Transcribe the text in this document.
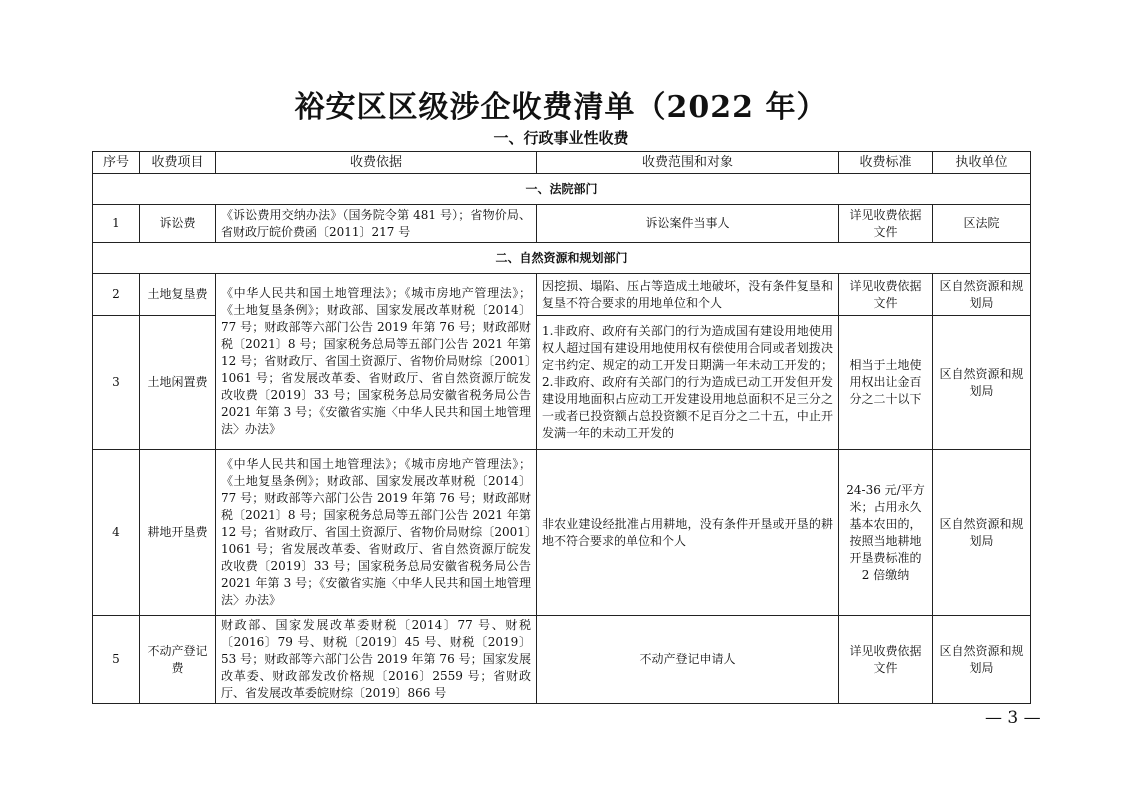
裕安区区级涉企收费清单（2022 年）
一、行政事业性收费
序号	收费项目	收费依据	收费范围和对象	收费标准	执收单位
一、法院部门					
1	诉讼费	《诉讼费用交纳办法》（国务院令第 481 号）；省物价局、省财政厅皖价费函〔2011〕217 号	诉讼案件当事人	详见收费依据文件	区法院
二、自然资源和规划部门					
2	土地复垦费	《中华人民共和国土地管理法》；《城市房地产管理法》；《土地复垦条例》；财政部、国家发展改革财税〔2014〕77 号；财政部等六部门公告 2019 年第 76 号；财政部财税〔2021〕8 号；国家税务总局等五部门公告 2021 年第 12 号；省财政厅、省国土资源厅、省物价局财综〔2001〕1061 号；省发展改革委、省财政厅、省自然资源厅皖发改收费〔2019〕33 号；国家税务总局安徽省税务局公告 2021 年第 3 号；《安徽省实施〈中华人民共和国土地管理法〉办法》	因挖损、塌陷、压占等造成土地破坏，没有条件复垦和复垦不符合要求的用地单位和个人	详见收费依据文件	区自然资源和规划局
3	土地闲置费		1.非政府、政府有关部门的行为造成国有建设用地使用权人超过国有建设用地使用权有偿使用合同或者划拨决定书约定、规定的动工开发日期满一年未动工开发的；2.非政府、政府有关部门的行为造成已动工开发但开发建设用地面积占应动工开发建设用地总面积不足三分之一或者已投资额占总投资额不足百分之二十五，中止开发满一年的未动工开发的	相当于土地使用权出让金百分之二十以下	区自然资源和规划局
4	耕地开垦费	《中华人民共和国土地管理法》；《城市房地产管理法》；《土地复垦条例》；财政部、国家发展改革财税〔2014〕77 号；财政部等六部门公告 2019 年第 76 号；财政部财税〔2021〕8 号；国家税务总局等五部门公告 2021 年第 12 号；省财政厅、省国土资源厅、省物价局财综〔2001〕1061 号；省发展改革委、省财政厅、省自然资源厅皖发改收费〔2019〕33 号；国家税务总局安徽省税务局公告 2021 年第 3 号；《安徽省实施〈中华人民共和国土地管理法〉办法》	非农业建设经批准占用耕地，没有条件开垦或开垦的耕地不符合要求的单位和个人	24-36 元/平方米；占用永久基本农田的，按照当地耕地开垦费标准的 2 倍缴纳	区自然资源和规划局
5	不动产登记费	财政部、国家发展改革委财税〔2014〕77 号、财税〔2016〕79 号、财税〔2019〕45 号、财税〔2019〕53 号；财政部等六部门公告 2019 年第 76 号；国家发展改革委、财政部发改价格规〔2016〕2559 号；省财政厅、省发展改革委皖财综〔2019〕866 号	不动产登记申请人	详见收费依据文件	区自然资源和规划局
— 3 —
